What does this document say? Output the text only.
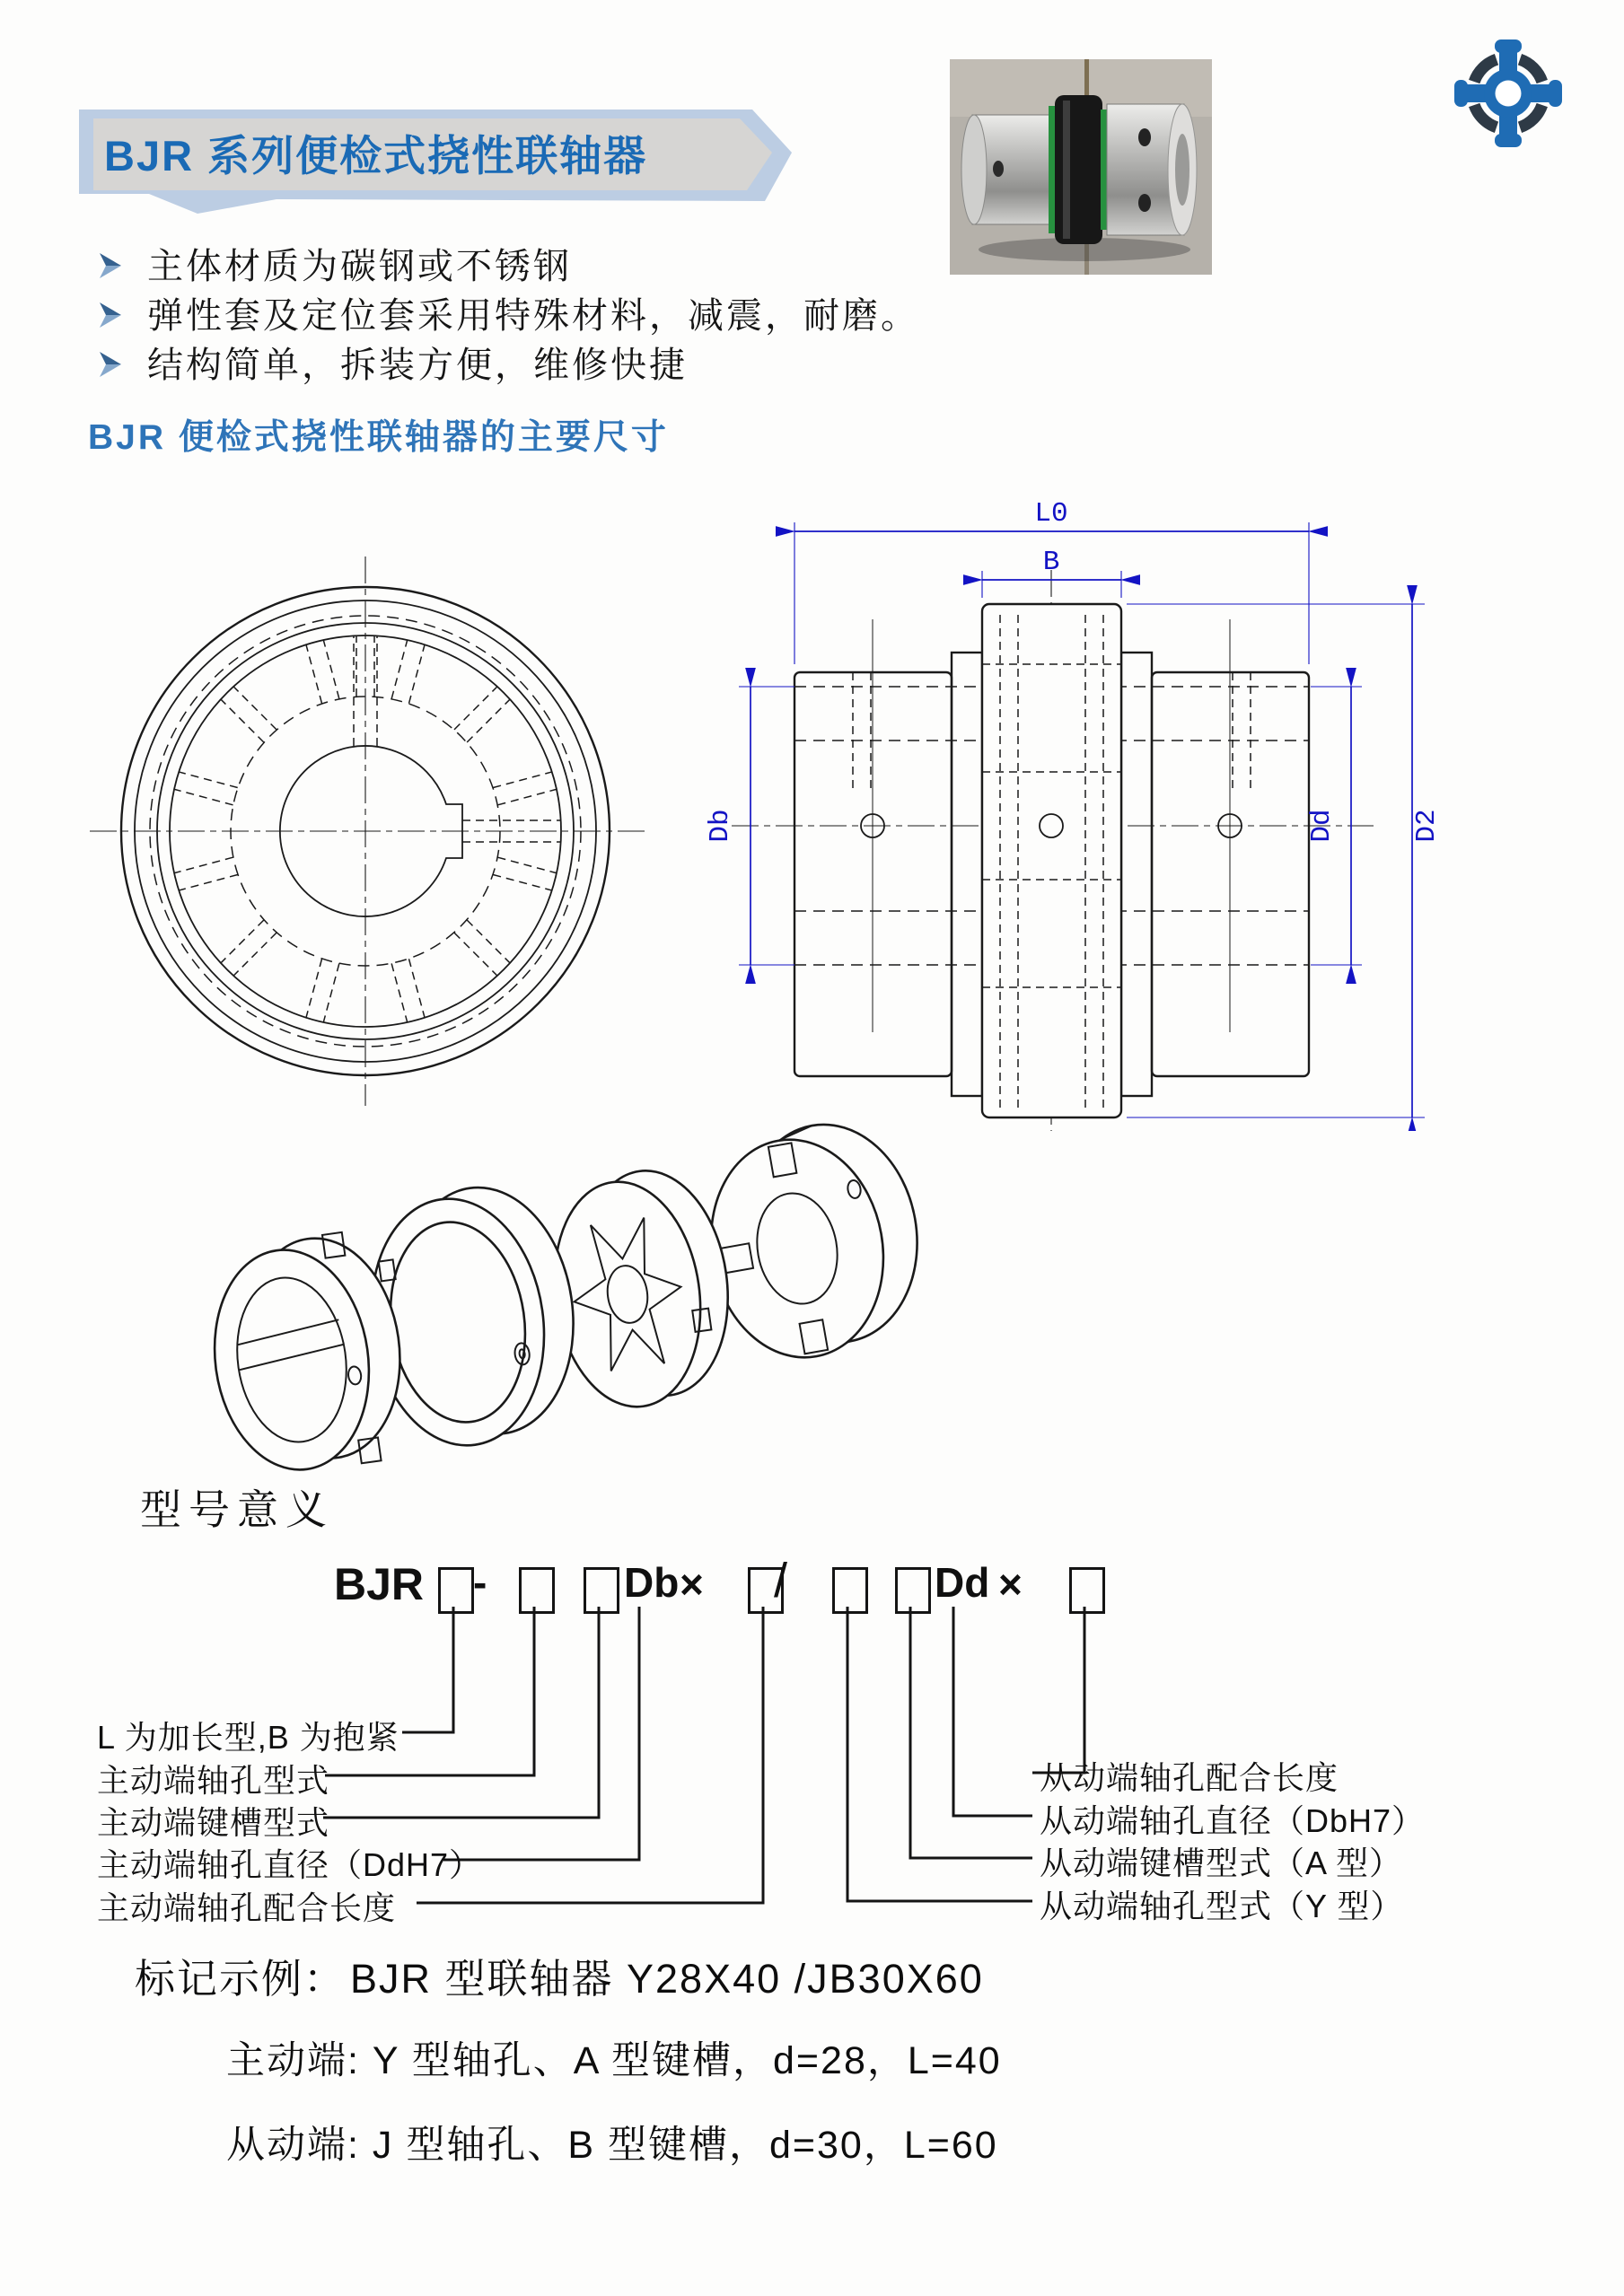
BJR 系列便检式挠性联轴器
主体材质为碳钢或不锈钢
弹性套及定位套采用特殊材料，减震，耐磨。
结构简单，拆装方便，维修快捷
BJR 便检式挠性联轴器的主要尺寸
L0
B
D2
Dd
Db
型号意义
BJR -	Db × /	Dd ×
L 为加长型,B 为抱紧
主动端轴孔型式
主动端键槽型式
主动端轴孔直径（DdH7）
主动端轴孔配合长度
从动端轴孔配合长度
从动端轴孔直径（DbH7）
从动端键槽型式（A 型）
从动端轴孔型式（Y 型）
标记示例： BJR 型联轴器 Y28X40 /JB30X60
主动端: Y 型轴孔、A 型键槽，d=28，L=40
从动端: J 型轴孔、B 型键槽，d=30，L=60
